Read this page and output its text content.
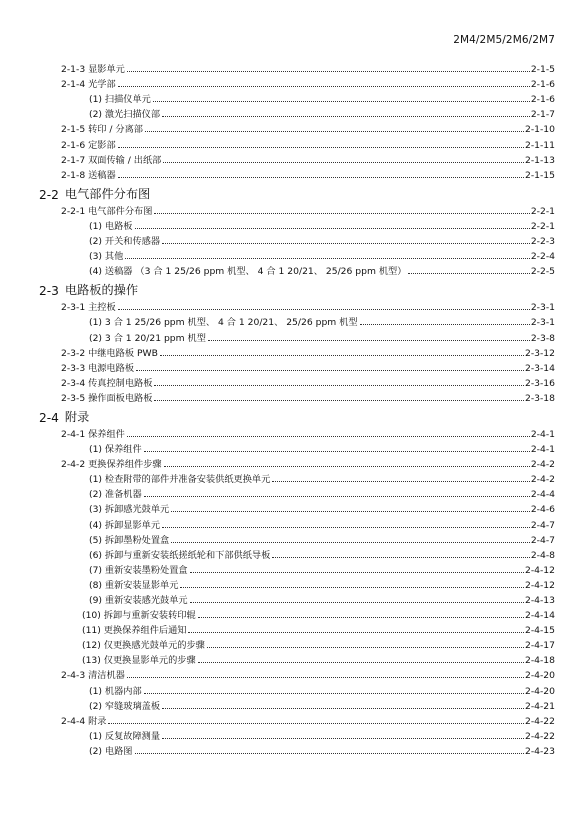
2M4/2M5/2M6/2M7
2-1-3 显影单元	2-1-5
2-1-4 光学部	2-1-6
(1) 扫描仪单元	2-1-6
(2) 激光扫描仪部	2-1-7
2-1-5 转印 / 分离部	2-1-10
2-1-6 定影部	2-1-11
2-1-7 双面传输 / 出纸部	2-1-13
2-1-8 送稿器	2-1-15
2-2 电气部件分布图
2-2-1 电气部件分布图	2-2-1
(1) 电路板	2-2-1
(2) 开关和传感器	2-2-3
(3) 其他	2-2-4
(4) 送稿器 （3 合 1 25/26 ppm 机型、 4 合 1 20/21、 25/26 ppm 机型）	2-2-5
2-3 电路板的操作
2-3-1 主控板	2-3-1
(1) 3 合 1 25/26 ppm 机型、 4 合 1 20/21、 25/26 ppm 机型	2-3-1
(2) 3 合 1 20/21 ppm 机型	2-3-8
2-3-2 中继电路板 PWB	2-3-12
2-3-3 电源电路板	2-3-14
2-3-4 传真控制电路板	2-3-16
2-3-5 操作面板电路板	2-3-18
2-4 附录
2-4-1 保养组件	2-4-1
(1) 保养组件	2-4-1
2-4-2 更换保养组件步骤	2-4-2
(1) 检查附带的部件并准备安装供纸更换单元	2-4-2
(2) 准备机器	2-4-4
(3) 拆卸感光鼓单元	2-4-6
(4) 拆卸显影单元	2-4-7
(5) 拆卸墨粉处置盒	2-4-7
(6) 拆卸与重新安装纸搓纸轮和下部供纸导板	2-4-8
(7) 重新安装墨粉处置盒	2-4-12
(8) 重新安装显影单元	2-4-12
(9) 重新安装感光鼓单元	2-4-13
(10) 拆卸与重新安装转印辊	2-4-14
(11) 更换保养组件后通知	2-4-15
(12) 仅更换感光鼓单元的步骤	2-4-17
(13) 仅更换显影单元的步骤	2-4-18
2-4-3 清洁机器	2-4-20
(1) 机器内部	2-4-20
(2) 窄缝玻璃盖板	2-4-21
2-4-4 附录	2-4-22
(1) 反复故障测量	2-4-22
(2) 电路图	2-4-23
